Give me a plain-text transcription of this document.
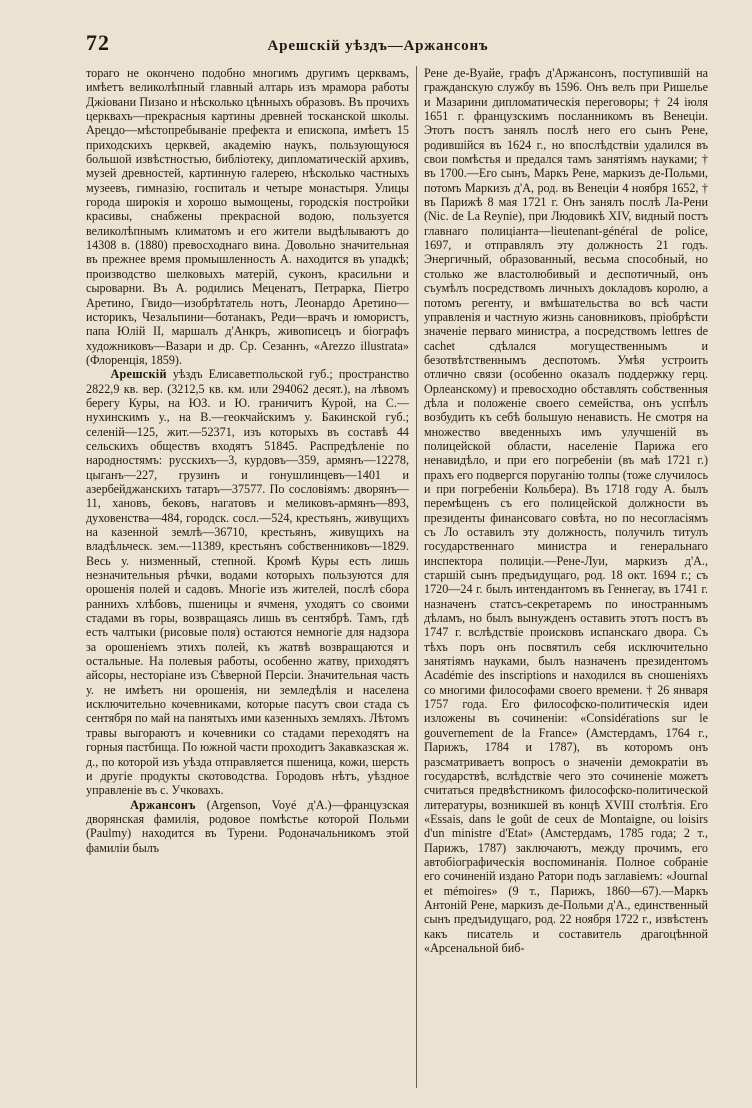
72	Арешскій уѣздъ—Аржансонъ

тораго не окончено подобно многимъ другимъ церквамъ, имѣетъ великолѣпный главный алтарь изъ мрамора работы Джіовани Пизано и нѣсколько цѣнныхъ образовъ. Въ прочихъ церквахъ—прекрасныя картины древней тосканской школы. Арецдо—мѣстопребываніе префекта и епископа, имѣетъ 15 приходскихъ церквей, академію наукъ, пользующуюся большой извѣстностью, библіотеку, дипломатическій архивъ, музей древностей, картинную галерею, нѣсколько частныхъ музеевъ, гимназію, госпиталь и четыре монастыря. Улицы города широкія и хорошо вымощены, городскія постройки красивы, снабжены прекрасной водою, пользуется великолѣпнымъ климатомъ и его жители выдѣлываютъ до 14308 в. (1880) превосходнаго вина. Довольно значительная въ прежнее время промышленность А. находится въ упадкѣ; производство шелковыхъ матерій, суконъ, красильни и сыроварни. Въ А. родились Меценатъ, Петрарка, Піетро Аретино, Гвидо—изобрѣтатель нотъ, Леонардо Аретино—историкъ, Чезальпини—ботанакъ, Реди—врачъ и юмористъ, папа Юлій II, маршалъ д'Анкръ, живописецъ и біографъ художниковъ—Вазари и др. Ср. Сезаннъ, «Arezzo illustrata» (Флоренція, 1859).

Арешскій уѣздъ Елисаветпольской губ.; пространство 2822,9 кв. вер. (3212,5 кв. км. или 294062 десят.), на лѣвомъ берегу Куры, на ЮЗ. и Ю. граничитъ Курой, на С.—нухинскимъ у., на В.—геокчайскимъ у. Бакинской губ.; селеній—125, жит.—52371, изъ которыхъ въ составѣ 44 сельскихъ обществъ входятъ 51845. Распредѣленіе по народностямъ: русскихъ—3, курдовъ—359, армянъ—12278, цыганъ—227, грузинъ и гонушлинцевъ—1401 и азербейджанскихъ татаръ—37577. По сословіямъ: дворянъ—11, хановъ, бековъ, нагатовъ и меликовъ-армянъ—893, духовенства—484, городск. сосл.—524, крестьянъ, живущихъ на казенной землѣ—36710, крестьянъ, живущихъ на владѣльческ. зем.—11389, крестьянъ собственниковъ—1829. Весь у. низменный, степной. Кромѣ Куры есть лишь незначительныя рѣчки, водами которыхъ пользуются для орошенія полей и садовъ. Многіе изъ жителей, послѣ сбора раннихъ хлѣбовъ, пшеницы и ячменя, уходятъ со своими стадами въ горы, возвращаясь лишь въ сентябрѣ. Тамъ, гдѣ есть чалтыки (рисовые поля) остаются немногіе для надзора за орошеніемъ этихъ полей, къ жатвѣ возвращаются и остальные. На полевыя работы, особенно жатву, приходятъ айсоры, несторіане изъ Сѣверной Персіи. Значительная часть у. не имѣетъ ни орошенія, ни земледѣлія и населена исключительно кочевниками, которые пасутъ свои стада съ сентября по май на панятыхъ ими казенныхъ земляхъ. Лѣтомъ травы выгораютъ и кочевники со стадами переходятъ на горныя пастбища. По южной части проходитъ Закавказская ж. д., по которой изъ уѣзда отправляется пшеница, кожи, шерсть и другіе продукты скотоводства. Городовъ нѣтъ, уѣздное управленіе въ с. Учковахъ.

Аржансонъ (Argenson, Voyé д'А.)—французская дворянская фамилія, родовое помѣстье которой Польми (Paulmy) находится въ Турени. Родоначальникомъ этой фамиліи былъ

Рене де-Вуайе, графъ д'Аржансонъ, поступившій на гражданскую службу въ 1596. Онъ велъ при Ришелье и Мазарини дипломатическія переговоры; † 24 іюля 1651 г. французскимъ посланникомъ въ Венеціи. Этотъ постъ занялъ послѣ него его сынъ Рене, родившійся въ 1624 г., но впослѣдствіи удалился въ свои помѣстья и предался тамъ занятіямъ науками; † въ 1700.—Его сынъ, Маркъ Рене, маркизъ де-Польми, потомъ Маркизъ д'А, род. въ Венеціи 4 ноября 1652, † въ Парижѣ 8 мая 1721 г. Онъ занялъ послѣ Ла-Рени (Nic. de La Reynie), при Людовикѣ XIV, видный постъ главнаго полиціанта—lieutenant-général de police, 1697, и отправлялъ эту должность 21 годъ. Энергичный, образованный, весьма способный, но столько же властолюбивый и деспотичный, онъ съумѣлъ посредствомъ личныхъ докладовъ королю, а потомъ регенту, и вмѣшательства во всѣ части управленія и частную жизнь сановниковъ, пріобрѣсти значеніе перваго министра, а посредствомъ lettres de cachet сдѣлался могущественнымъ и безотвѣтственнымъ деспотомъ. Умѣя устроить отлично связи (особенно оказалъ поддержку герц. Орлеанскому) и превосходно обставлять собственныя дѣла и положеніе своего семейства, онъ успѣлъ возбудить къ себѣ большую ненависть. Не смотря на множество введенныхъ имъ улучшеній въ полицейской области, населеніе Парижа его ненавидѣло, и при его погребеніи (въ маѣ 1721 г.) прахъ его подвергся поруганію толпы (тоже случилось и при погребеніи Кольбера). Въ 1718 году А. былъ перемѣщенъ съ его полицейской должности въ президенты финансоваго совѣта, но по несогласіямъ съ Ло оставилъ эту должность, получилъ титулъ государственнаго министра и генеральнаго инспектора полиціи.—Рене-Луи, маркизъ д'А., старшій сынъ предъидущаго, род. 18 окт. 1694 г.; съ 1720—24 г. былъ интендантомъ въ Геннегау, въ 1741 г. назначенъ статсъ-секретаремъ по иностраннымъ дѣламъ, но былъ вынужденъ оставить этотъ постъ въ 1747 г. вслѣдствіе происковъ испанскаго двора. Съ тѣхъ поръ онъ посвятилъ себя исключительно занятіямъ науками, былъ назначенъ президентомъ Académie des inscriptions и находился въ сношеніяхъ со многими философами своего времени. † 26 января 1757 года. Его философско-политическія идеи изложены въ сочиненіи: «Considérations sur le gouvernement de la France» (Амстердамъ, 1764 г., Парижъ, 1784 и 1787), въ которомъ онъ разсматриваетъ вопросъ о значеніи демократіи въ государствѣ, вслѣдствіе чего это сочиненіе можетъ считаться предвѣстникомъ философско-политической литературы, возникшей въ концѣ XVIII столѣтія. Его «Essais, dans le goût de ceux de Montaigne, ou loisirs d'un ministre d'Etat» (Амстердамъ, 1785 года; 2 т., Парижъ, 1787) заключаютъ, между прочимъ, его автобіографическія воспоминанія. Полное собраніе его сочиненій издано Ратори подъ заглавіемъ: «Journal et mémoires» (9 т., Парижъ, 1860—67).—Маркъ Антоній Рене, маркизъ де-Польми д'А., единственный сынъ предъидущаго, род. 22 ноября 1722 г., извѣстенъ какъ писатель и составитель драгоцѣнной «Арсенальной биб-
